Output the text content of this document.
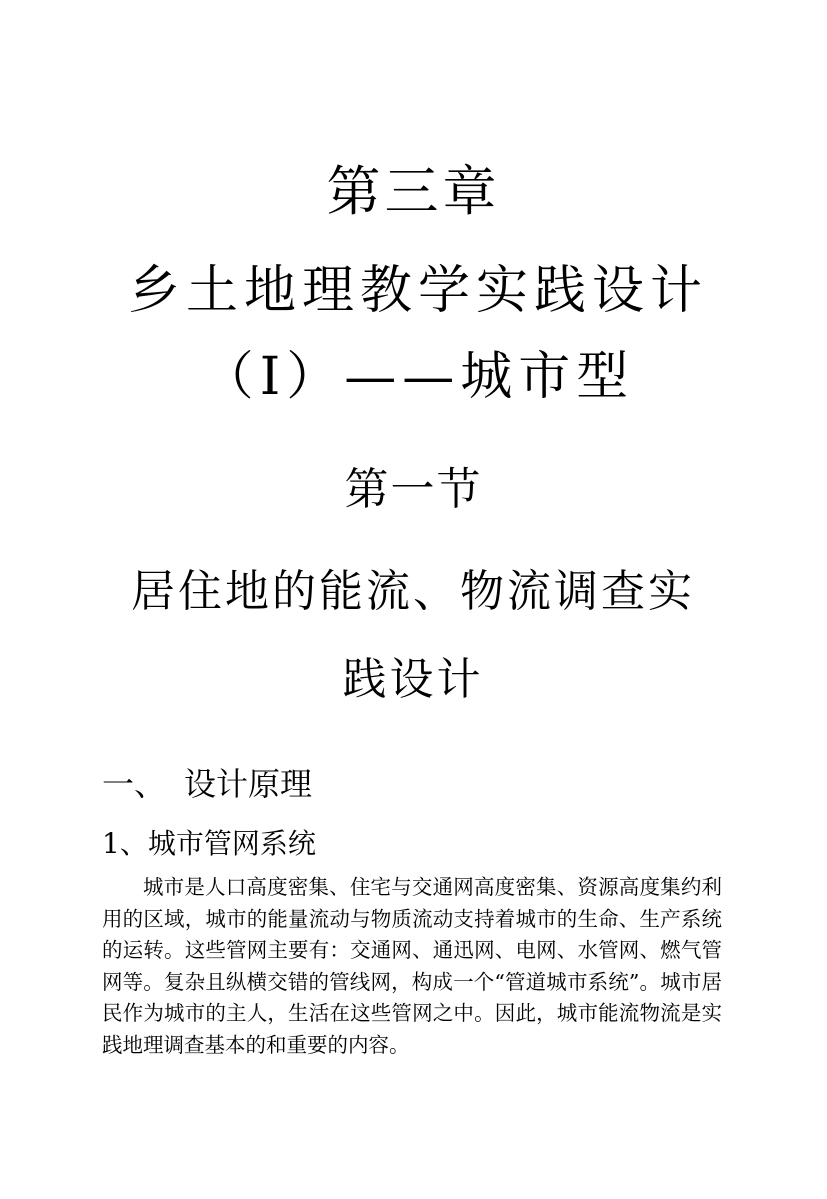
第三章
乡土地理教学实践设计（I）——城市型
第一节
居住地的能流、物流调查实践设计
一、 设计原理
1、城市管网系统

城市是人口高度密集、住宅与交通网高度密集、资源高度集约利用的区域，城市的能量流动与物质流动支持着城市的生命、生产系统的运转。这些管网主要有：交通网、通迅网、电网、水管网、燃气管网等。复杂且纵横交错的管线网，构成一个“管道城市系统”。城市居民作为城市的主人，生活在这些管网之中。因此，城市能流物流是实践地理调查基本的和重要的内容。
